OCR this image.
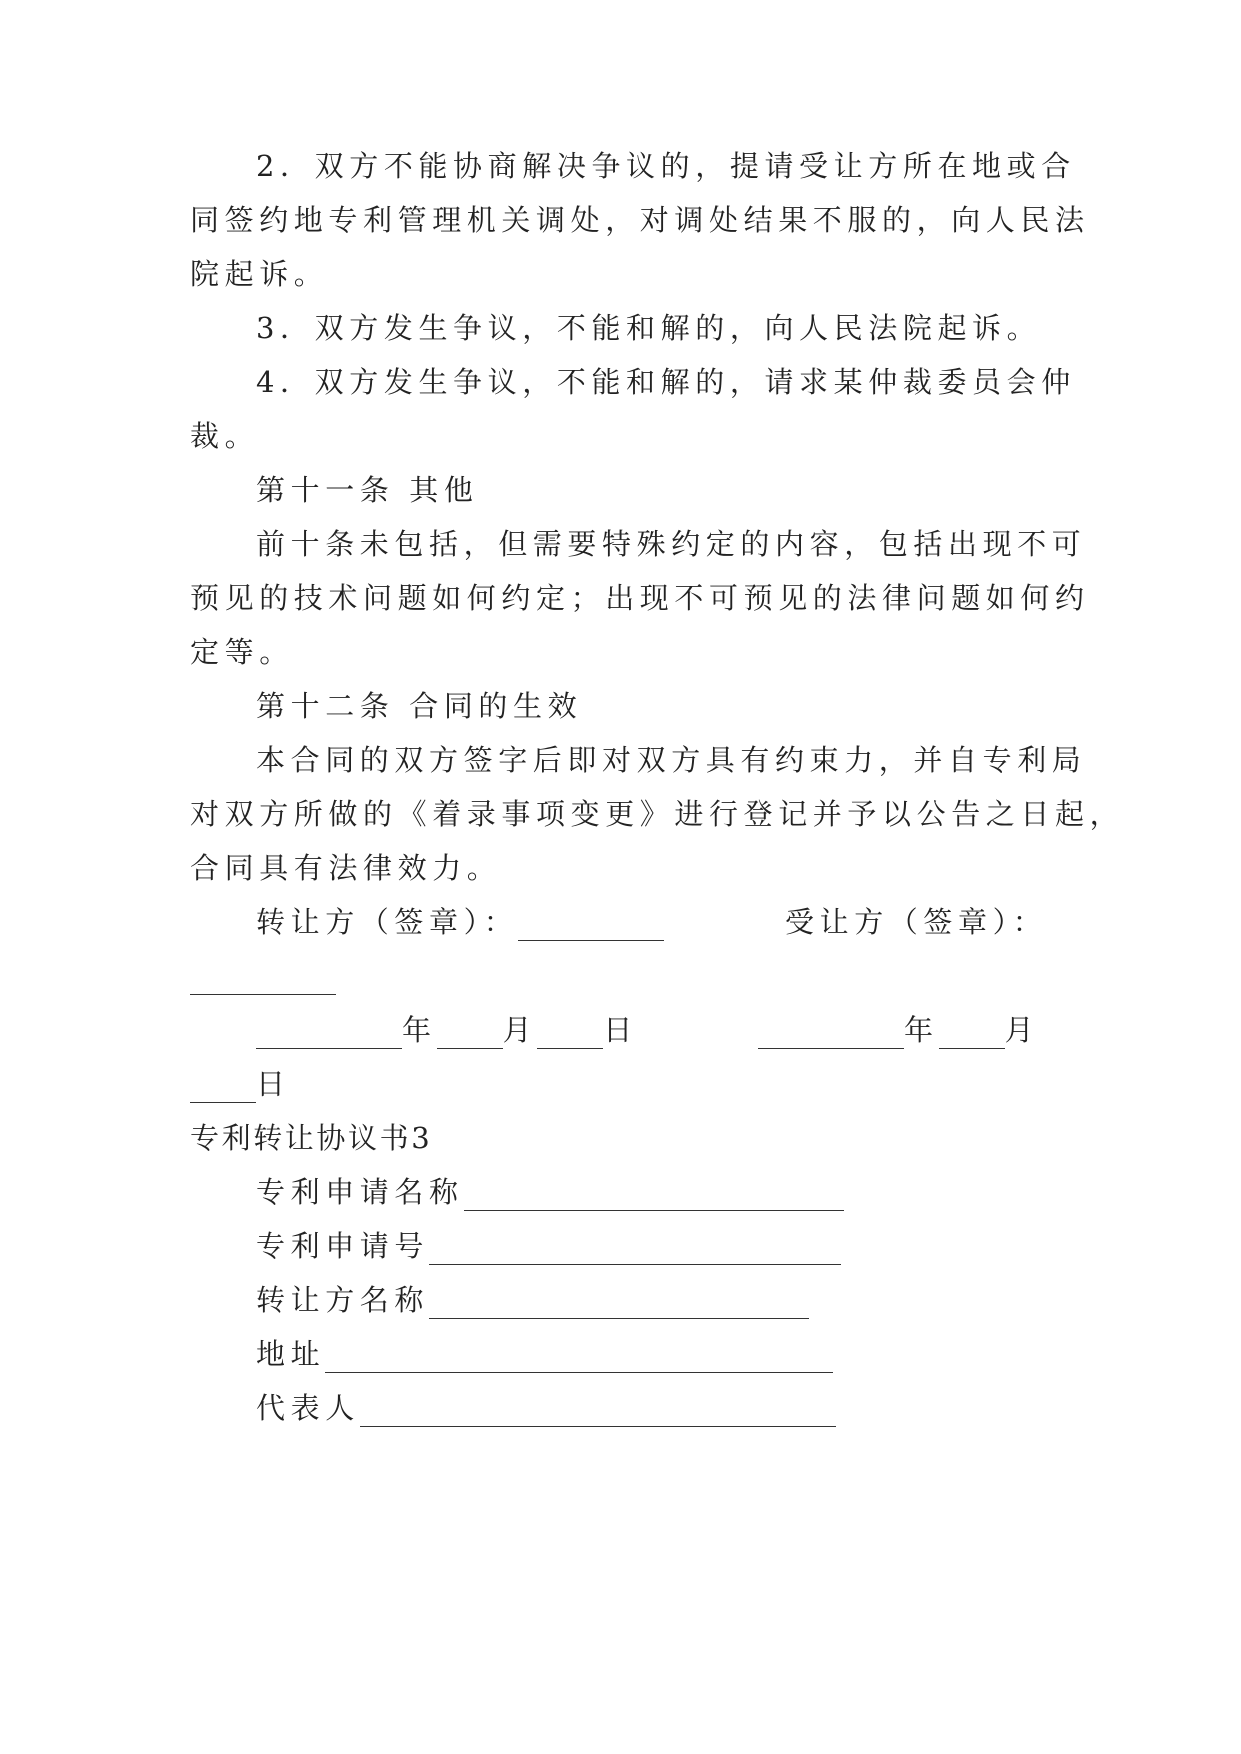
2．双方不能协商解决争议的，提请受让方所在地或合
同签约地专利管理机关调处，对调处结果不服的，向人民法
院起诉。
3．双方发生争议，不能和解的，向人民法院起诉。
4．双方发生争议，不能和解的，请求某仲裁委员会仲
裁。
第十一条 其他
前十条未包括，但需要特殊约定的内容，包括出现不可
预见的技术问题如何约定；出现不可预见的法律问题如何约
定等。
第十二条 合同的生效
本合同的双方签字后即对双方具有约束力，并自专利局
对双方所做的《着录事项变更》进行登记并予以公告之日起，
合同具有法律效力。
转让方（签章）：	受让方（签章）：
年 月 日	年 月
日
专利转让协议书3
专利申请名称
专利申请号
转让方名称
地址
代表人
